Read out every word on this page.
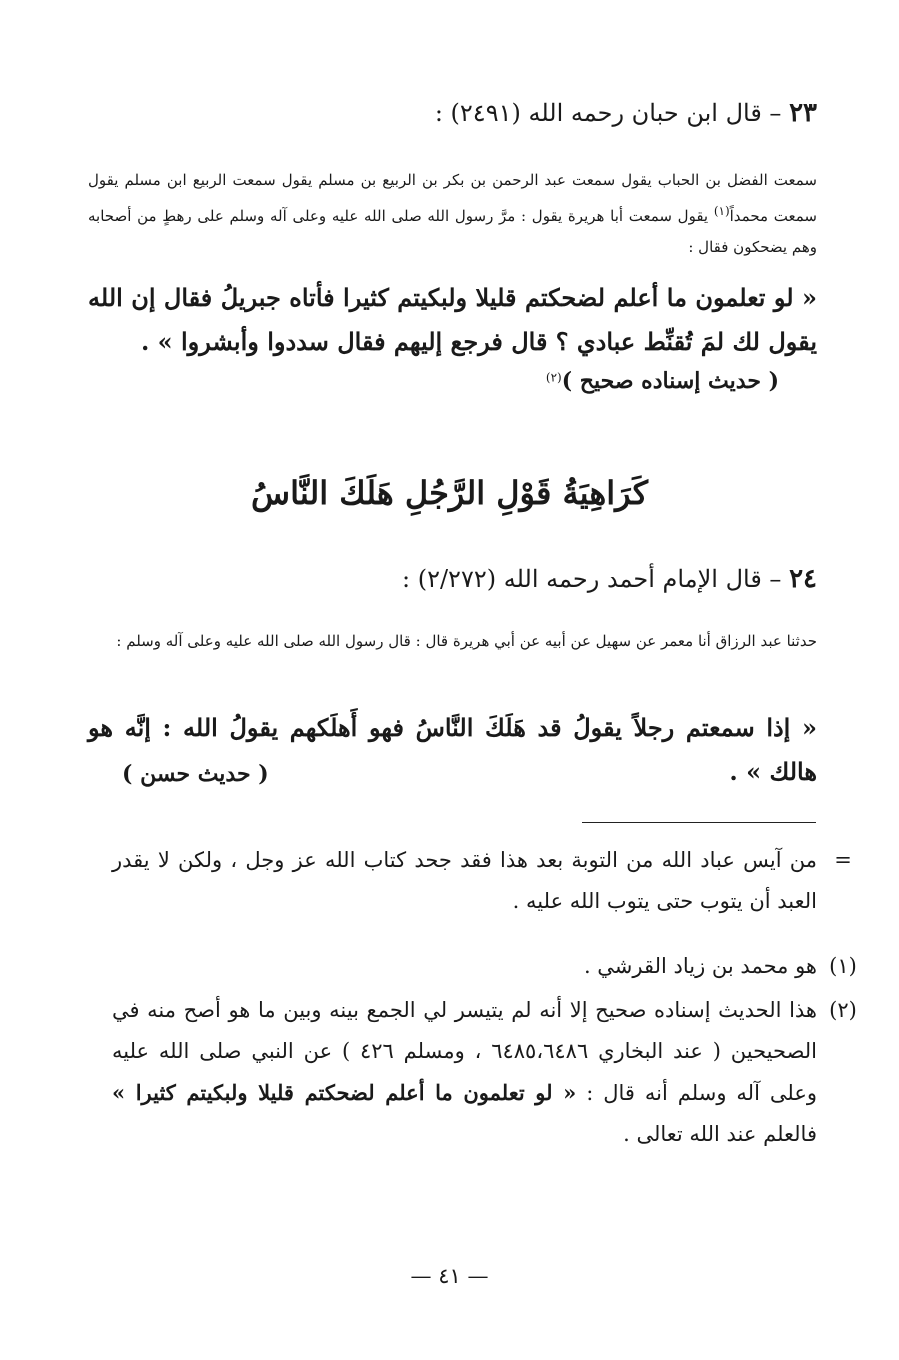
٢٣ – قال ابن حبان رحمه الله (٢٤٩١) :
سمعت الفضل بن الحباب يقول سمعت عبد الرحمن بن بكر بن الربيع بن مسلم يقول سمعت الربيع ابن مسلم يقول سمعت محمداً$^{(١)}$ يقول سمعت أبا هريرة يقول : مرَّ رسول الله صلى الله عليه وعلى آله وسلم على رهطٍ من أصحابه وهم يضحكون فقال :
« لو تعلمون ما أعلم لضحكتم قليلا ولبكيتم كثيرا فأتاه جبريلُ فقال إن الله يقول لك لمَ تُقنِّط عبادي ؟ قال فرجع إليهم فقال سددوا وأبشروا » .
( حديث إسناده صحيح )$^{(٢)}$
كَرَاهِيَةُ قَوْلِ الرَّجُلِ هَلَكَ النَّاسُ
٢٤ – قال الإمام أحمد رحمه الله (٢/٢٧٢) :
حدثنا عبد الرزاق أنا معمر عن سهيل عن أبيه عن أبي هريرة قال : قال رسول الله صلى الله عليه وعلى آله وسلم :
« إذا سمعتم رجلاً يقولُ قد هَلَكَ النَّاسُ فهو أَهلَكهم يقولُ الله : إنَّه هو هالك » .
( حديث حسن )
=
من آيس عباد الله من التوبة بعد هذا فقد جحد كتاب الله عز وجل ، ولكن لا يقدر العبد أن يتوب حتى يتوب الله عليه .
(١)
هو محمد بن زياد القرشي .
(٢)
هذا الحديث إسناده صحيح إلا أنه لم يتيسر لي الجمع بينه وبين ما هو أصح منه في الصحيحين ( عند البخاري ٦٤٨٥،٦٤٨٦ ، ومسلم ٤٢٦ ) عن النبي صلى الله عليه وعلى آله وسلم أنه قال : « لو تعلمون ما أعلم لضحكتم قليلا ولبكيتم كثيرا » فالعلم عند الله تعالى .
— ٤١ —
